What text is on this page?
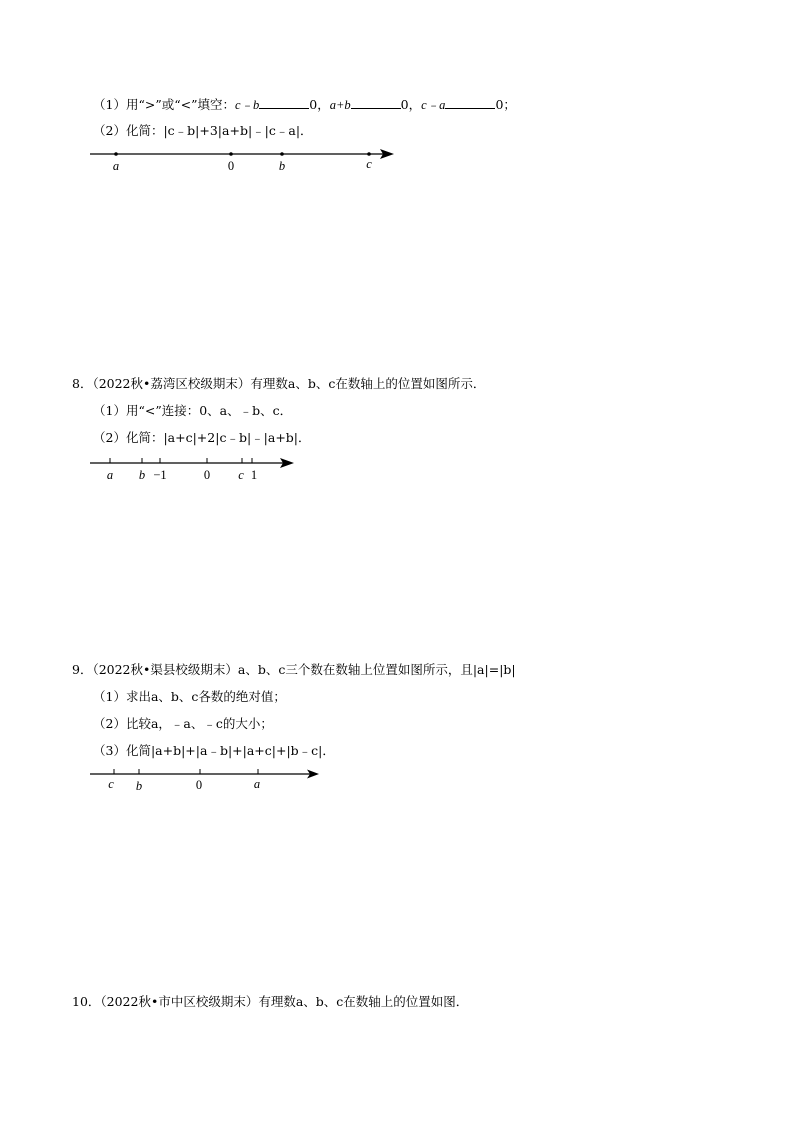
（1）用“>”或“<”填空：c﹣b	0，a+b	0，c﹣a	0；
（2）化简：|c﹣b|+3|a+b|﹣|c﹣a|．
a	0	b	c
8．（2022秋•荔湾区校级期末）有理数a、b、c在数轴上的位置如图所示．
（1）用“<”连接：0、a、﹣b、c．
（2）化简：|a+c|+2|c﹣b|﹣|a+b|．
a b −1	0 c 1
9．（2022秋•渠县校级期末）a、b、c三个数在数轴上位置如图所示，且|a|=|b|
（1）求出a、b、c各数的绝对值；
（2）比较a，﹣a、﹣c的大小；
（3）化简|a+b|+|a﹣b|+|a+c|+|b﹣c|．
c b	0	a
10．（2022秋•市中区校级期末）有理数a、b、c在数轴上的位置如图．
